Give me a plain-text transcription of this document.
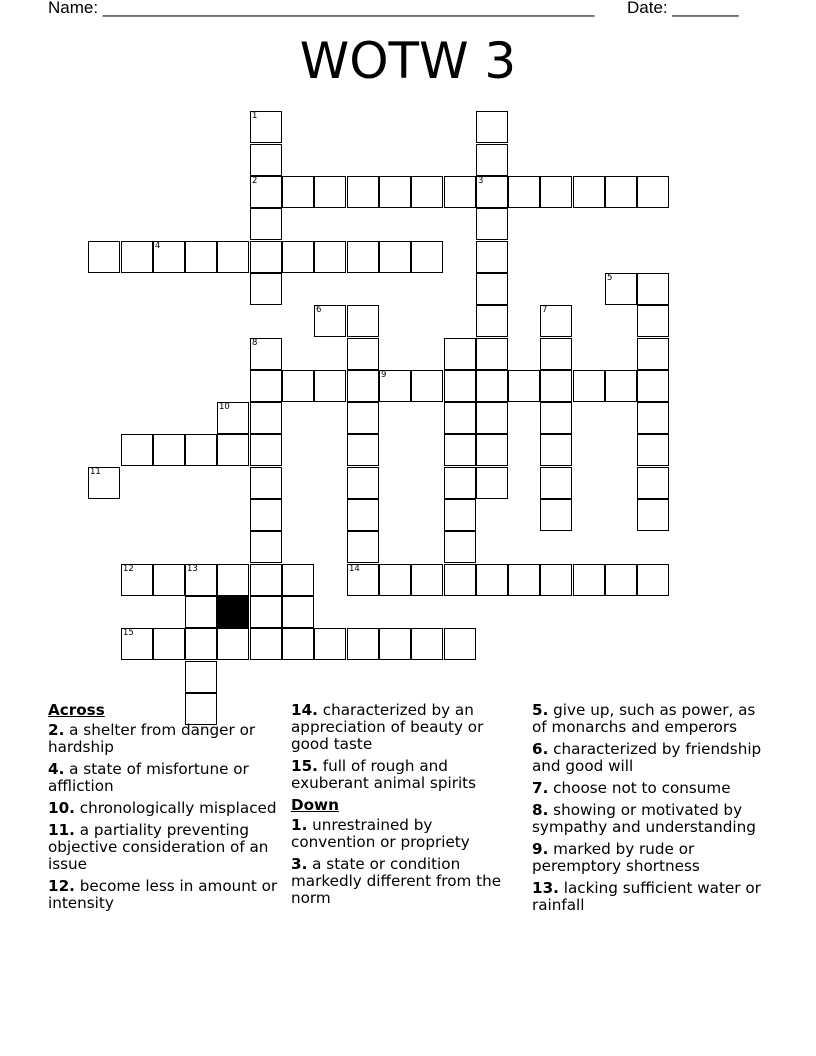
Name: ____________________________________________________ Date: _______
WOTW 3
1
2
8
3
4
7
14
9
13
5
6
10
11
12
15
Across
2. a shelter from danger or hardship
4. a state of misfortune or affliction
10. chronologically misplaced
11. a partiality preventing objective consideration of an issue
12. become less in amount or intensity
14. characterized by an appreciation of beauty or good taste
15. full of rough and exuberant animal spirits
Down
1. unrestrained by convention or propriety
3. a state or condition markedly different from the norm
5. give up, such as power, as of monarchs and emperors
6. characterized by friendship and good will
7. choose not to consume
8. showing or motivated by sympathy and understanding
9. marked by rude or peremptory shortness
13. lacking sufficient water or rainfall
